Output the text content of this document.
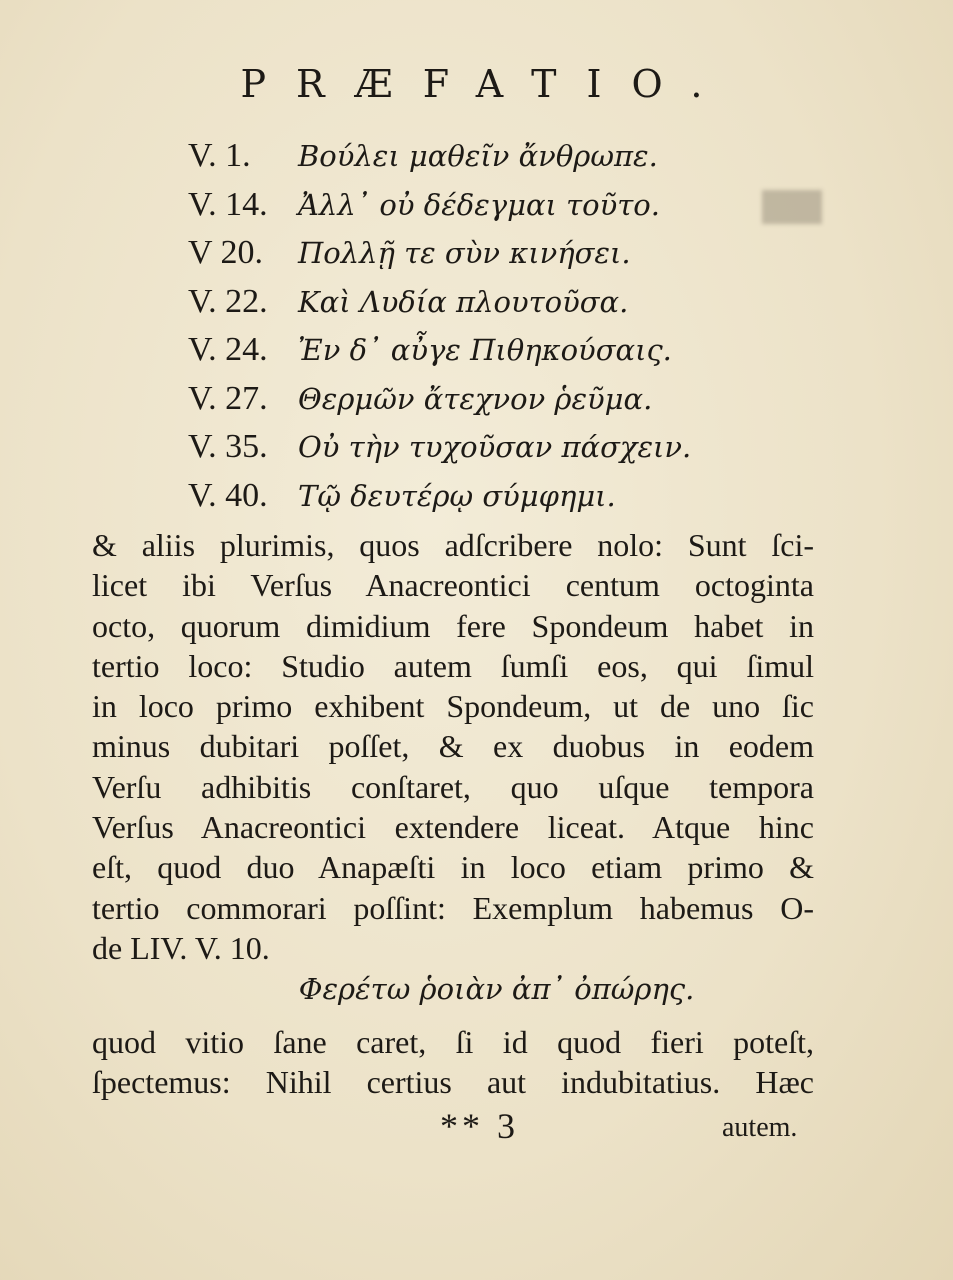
PRÆFATIO.
V. 1.	Βούλει μαθεῖν ἄνθρωπε.
V. 14.	Ἀλλ᾽ οὐ δέδεγμαι τοῦτο.
V 20.	Πολλῇ τε σὺν κινήσει.
V. 22.	Καὶ Λυδία πλουτοῦσα.
V. 24.	Ἐν δ᾽ αὖγε Πιθηκούσαις.
V. 27.	Θερμῶν ἄτεχνον ῥεῦμα.
V. 35.	Οὐ τὴν τυχοῦσαν πάσχειν.
V. 40.	Τῷ δευτέρῳ σύμφημι.
& aliis plurimis, quos adſcribere nolo: Sunt ſci-
licet ibi Verſus Anacreontici centum octoginta
octo, quorum dimidium fere Spondeum habet in
tertio loco: Studio autem ſumſi eos, qui ſimul
in loco primo exhibent Spondeum, ut de uno ſic
minus dubitari poſſet, & ex duobus in eodem
Verſu adhibitis conſtaret, quo uſque tempora
Verſus Anacreontici extendere liceat. Atque hinc
eſt, quod duo Anapæſti in loco etiam primo &
tertio commorari poſſint: Exemplum habemus O-
de LIV. V. 10.
Φερέτω ῥοιὰν ἀπ᾽ ὀπώρης.
quod vitio ſane caret, ſi id quod fieri poteſt,
ſpectemus: Nihil certius aut indubitatius. Hæc
** 3	autem.
